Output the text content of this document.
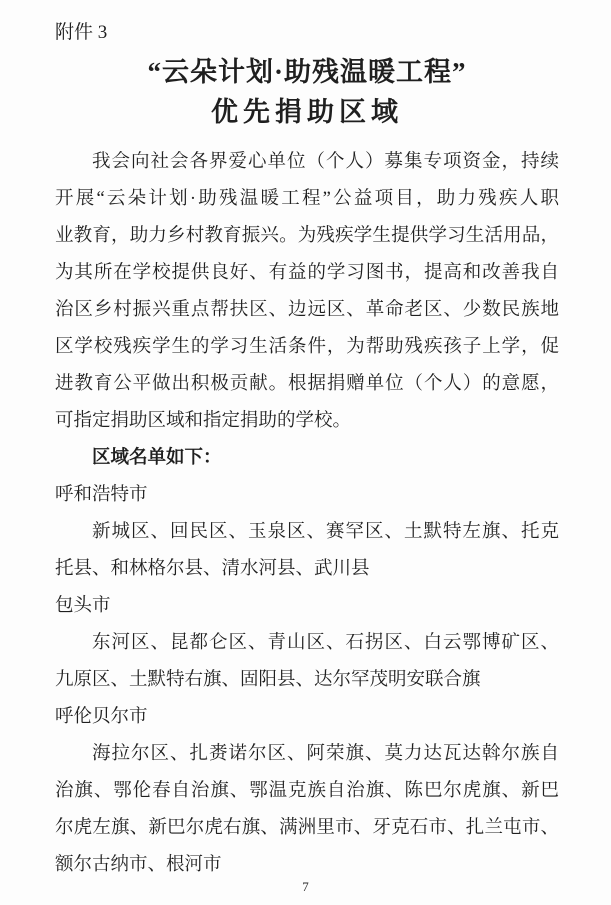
附件 3
“云朵计划·助残温暖工程”
优先捐助区域
我会向社会各界爱心单位（个人）募集专项资金，持续
开展“云朵计划·助残温暖工程”公益项目，助力残疾人职
业教育，助力乡村教育振兴。为残疾学生提供学习生活用品，
为其所在学校提供良好、有益的学习图书，提高和改善我自
治区乡村振兴重点帮扶区、边远区、革命老区、少数民族地
区学校残疾学生的学习生活条件，为帮助残疾孩子上学，促
进教育公平做出积极贡献。根据捐赠单位（个人）的意愿，
可指定捐助区域和指定捐助的学校。
区域名单如下：
呼和浩特市
新城区、回民区、玉泉区、赛罕区、土默特左旗、托克
托县、和林格尔县、清水河县、武川县
包头市
东河区、昆都仑区、青山区、石拐区、白云鄂博矿区、
九原区、土默特右旗、固阳县、达尔罕茂明安联合旗
呼伦贝尔市
海拉尔区、扎赉诺尔区、阿荣旗、莫力达瓦达斡尔族自
治旗、鄂伦春自治旗、鄂温克族自治旗、陈巴尔虎旗、新巴
尔虎左旗、新巴尔虎右旗、满洲里市、牙克石市、扎兰屯市、
额尔古纳市、根河市
7
